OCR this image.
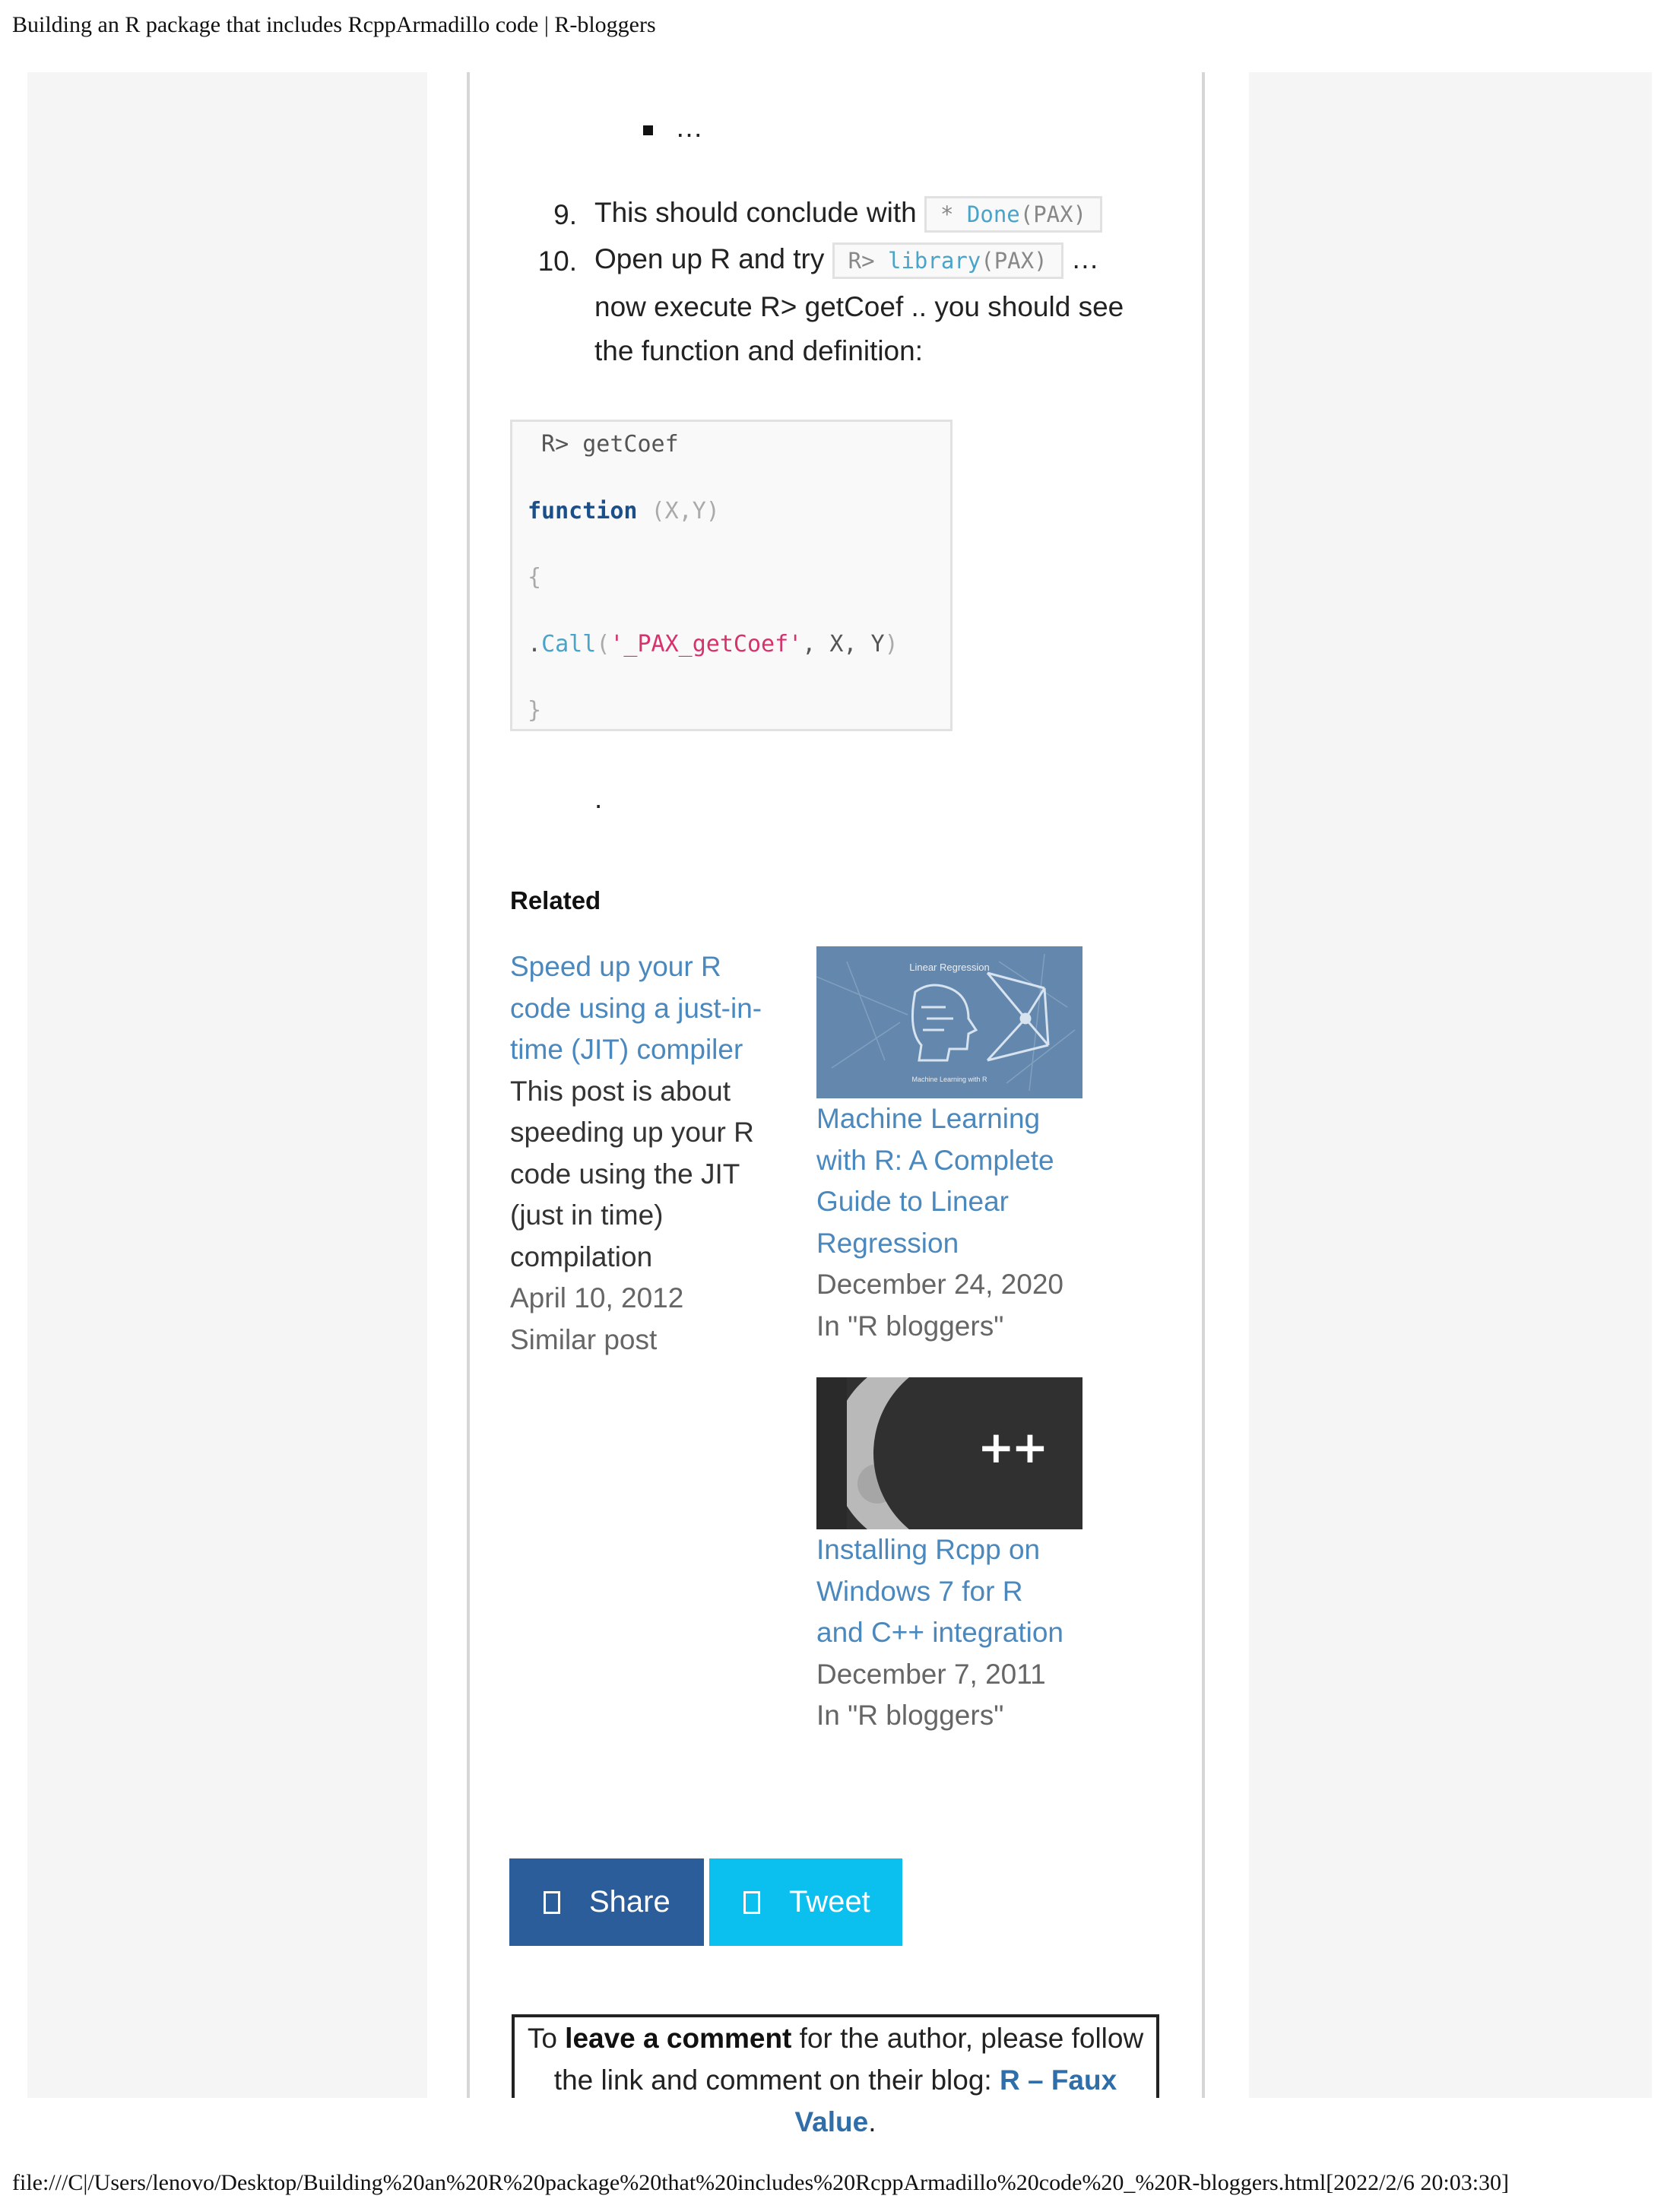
Building an R package that includes RcppArmadillo code | R-bloggers
…
9. This should conclude with * Done(PAX)
10. Open up R and try R> library(PAX) …
now execute R> getCoef .. you should see
the function and definition:
R> getCoef
function (X,Y)
{
.Call('_PAX_getCoef', X, Y)
}
.
Related
Speed up your R
code using a just-in-
time (JIT) compiler
This post is about
speeding up your R
code using the JIT
(just in time)
compilation
April 10, 2012
Similar post
Linear Regression
Machine Learning with R
Machine Learning
with R: A Complete
Guide to Linear
Regression
December 24, 2020
In "R bloggers"
++
Installing Rcpp on
Windows 7 for R
and C++ integration
December 7, 2011
In "R bloggers"
Share	Tweet
To leave a comment for the author, please follow the link and comment on their blog: R – Faux Value.
file:///C|/Users/lenovo/Desktop/Building%20an%20R%20package%20that%20includes%20RcppArmadillo%20code%20_%20R-bloggers.html[2022/2/6 20:03:30]
